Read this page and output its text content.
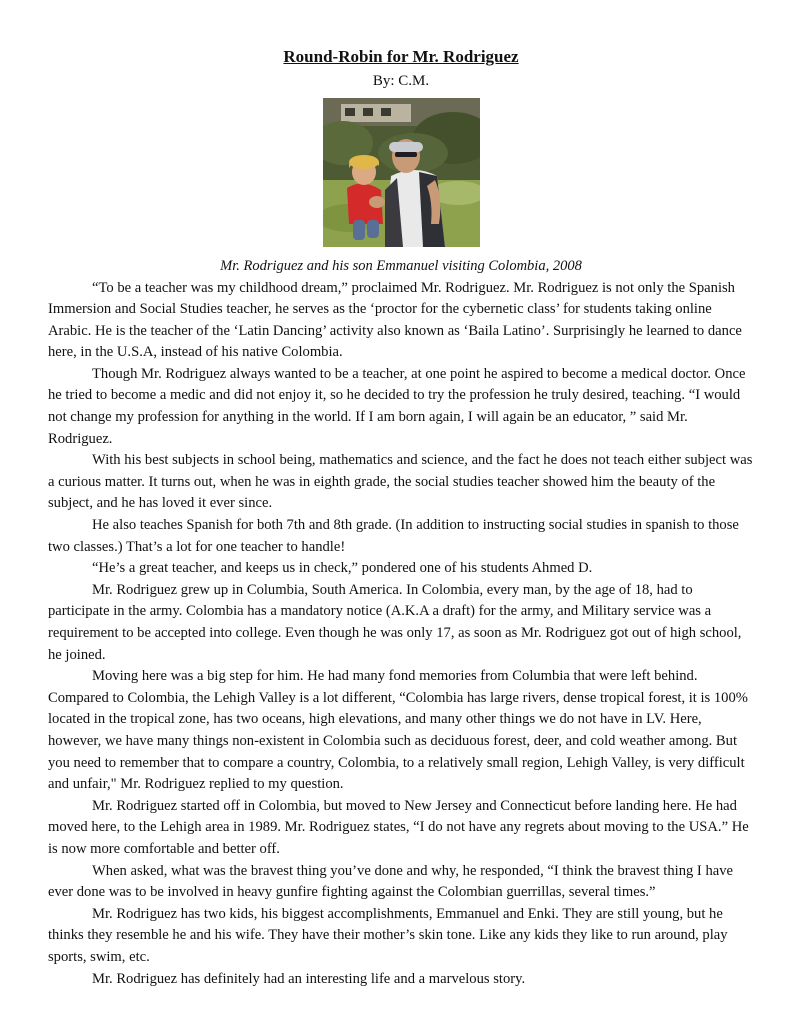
Round-Robin for Mr. Rodriguez

By: C.M.

Mr. Rodriguez and his son Emmanuel visiting Colombia, 2008

“To be a teacher was my childhood dream,” proclaimed Mr. Rodriguez. Mr. Rodriguez is not only the Spanish Immersion and Social Studies teacher, he serves as the ‘proctor for the cybernetic class’ for students taking online Arabic. He is the teacher of the ‘Latin Dancing’ activity also known as ‘Baila Latino’. Surprisingly he learned to dance here, in the U.S.A, instead of his native Colombia.

Though Mr. Rodriguez always wanted to be a teacher, at one point he aspired to become a medical doctor. Once he tried to become a medic and did not enjoy it, so he decided to try the profession he truly desired, teaching. “I would not change my profession for anything in the world. If I am born again, I will again be an educator, ” said Mr. Rodriguez.

With his best subjects in school being, mathematics and science, and the fact he does not teach either subject was a curious matter. It turns out, when he was in eighth grade, the social studies teacher showed him the beauty of the subject, and he has loved it ever since.

He also teaches Spanish for both 7th and 8th grade. (In addition to instructing social studies in spanish to those two classes.) That’s a lot for one teacher to handle!

“He’s a great teacher, and keeps us in check,” pondered one of his students Ahmed D.

Mr. Rodriguez grew up in Columbia, South America. In Colombia, every man, by the age of 18, had to participate in the army. Colombia has a mandatory notice (A.K.A a draft) for the army, and Military service was a requirement to be accepted into college. Even though he was only 17, as soon as Mr. Rodriguez got out of high school, he joined.

Moving here was a big step for him. He had many fond memories from Columbia that were left behind. Compared to Colombia, the Lehigh Valley is a lot different, “Colombia has large rivers, dense tropical forest, it is 100% located in the tropical zone, has two oceans, high elevations, and many other things we do not have in LV. Here, however, we have many things non-existent in Colombia such as deciduous forest, deer, and cold weather among. But you need to remember that to compare a country, Colombia, to a relatively small region, Lehigh Valley, is very difficult and unfair," Mr. Rodriguez replied to my question.

Mr. Rodriguez started off in Colombia, but moved to New Jersey and Connecticut before landing here. He had moved here, to the Lehigh area in 1989. Mr. Rodriguez states, “I do not have any regrets about moving to the USA.” He is now more comfortable and better off.

When asked, what was the bravest thing you’ve done and why, he responded, “I think the bravest thing I have ever done was to be involved in heavy gunfire fighting against the Colombian guerrillas, several times.”

Mr. Rodriguez has two kids, his biggest accomplishments, Emmanuel and Enki. They are still young, but he thinks they resemble he and his wife. They have their mother’s skin tone. Like any kids they like to run around, play sports, swim, etc.

Mr. Rodriguez has definitely had an interesting life and a marvelous story.
